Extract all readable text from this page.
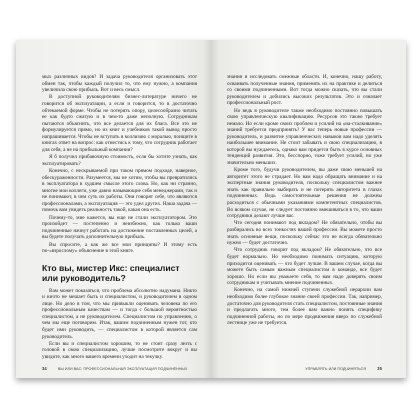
мых различных видов? И задача руководителя организовать этот обмен так, чтобы каждый получил то, что ему нужно, а компания увеличила свою прибыль. Вот и весь смысл.

В доступной руководителям бизнес-литературе ничего не говорится об эксплуатации, а если и говорится, то в достаточно обтекаемой форме. Чтобы не потерять опору, целесообразно читать ее как будто сжатую и в чем-то даже неполную. Сотрудникам пытаются объяснить, что все делается для их блага. Все это не формулируется прямо, но из книг и учебников такой вывод просто напрашивается. Чтобы не вступать в коллизию с моралью, поищите в книгах ответ на вопрос: как отнестись к тому, что сотрудник работает для себя, а не на прибыльный компании?

Я б получил прибавочную стоимость, если бы хотите узнать, как эксплуатировать?

Конечно, с нескрываемой при таком прямом подходе, наверное, обескураженности. Разумеется, мы не хотим, чтобы вы превратились в эксплуататора в худшем смысле этого слова. Но, как ни странно, многие мои коллеги, уже давно называющие себя менеджерами, так и не понимают, в чем суть их работы. Они говорят себе, что являются профессионалами, а эксплуатация — это удел других. Наша задача — помочь вам увидеть реальность такой, какая она есть.

Почему-то, мне кажется, вы еще не стали эксплуататором. Это произойдет — постепенно и неизбежно, как только ваши подчиненные начнут работать на достижение поставленных целей, а вы будете получать дополнительную прибыль.

Вы спросите, а как же все мои принципы? И этому есть по-«взрослому» объяснение в этой книге.

Кто вы, мистер Икс: специалист или руководитель?

Вам может показаться, что проблема абсолютно надумана. Никто и ничто не мешает быть и специалистом, и руководителем в одном лице. Но дело в том, что мы привыкли оценивать человека по его профессиональным качествам — и тогда с большой вероятностью специалистом, а не руководителем. Специалистом по управлению, о чем мы еще поговорим. Итак, вашим подчиненным нужен тот, кто будет ими руководить, — специалистом в которой является сам руководитель.

Если вы и специалистом хорошим, то не стоит сразу лезть с головой в свою специализацию, лучше посмотрите вокруг и вы увидите, как много вашего времени уходит на текучку.

34	ВЫ ИЛИ ВАС: ПРОФЕССИОНАЛЬНАЯ ЭКСПЛУАТАЦИЯ ПОДЧИНЕННЫХ

знания и исследовать смежные области. И, конечно, нашу работу, осваивать полученные знания, применять их на практике и делиться со своими подчиненными. Вот тогда можно сказать, что вы стали руководителем и добились высоких результатов. Это и означает профессиональный рост.

Но ведь в руководителе также необходимо постоянно повышать свою управленческую квалификацию. Ресурсов это также требует немало. Но если кроме своих проблем и усилий на «на-сталкивание» знаний требуется предпринять? У вас теперь новые профессии — руководитель, и развитие управленческих навыков вам надо уделять наибольшее внимание. Не стоит забывать и свою специализацию, в которой вы нуждаетесь, однако вам придется быть в курсе основных тенденций развития. Это, бесспорно, тоже требует усилий, но уже значительно меньших.

Кроме того, будучи руководителем, вы даже свою меньшей на авторитет этого не страдает. Но вам надо обращать внимание и на экспертные знания руководителя, поскольку специалистом важнее знать как правильно выбирать и не потерять авторитета в глазах подчиненных. Ведь самостоятельные решения не должны расходиться с обычными указаниями компетентных специалистов. Во всяком случае, не следует постоянно вмешиваться в то, что ваши сотрудники делают лучше вас.

Что сегодня понимают под вкладом? Не обязательно, чтобы вы разбирались во всех тонкостях вашей профессии. Вы можете просто знать основные вещи, поскольку сейчас это не всегда обязательно нужно — будет достаточно.

Что сотрудник говорит под вкладом? Не обязательно, что все будет нормально. Но необходимо понимать ситуацию, которую приходится оценивать — что будет лучше. В вашем случае, когда вы можете быть самым важным специалистом в команде, все будет хорошо. Но если вы уважаете себя, то вам надо доверять своим сотрудникам и учитывать мнение подчиненных.

Конечно, на самой нижней ступени служебной иерархии вам необходимо более глубокое знание своей профессии. Так, например, достаточно для руководителя стать специалистом, постоянные знания и предлагать много, тем более вам важно понять специфику подчиненной работы, но по мере продвижения вверх по служебной лестнице уже не требуется.

УПРАВЛЯТЬ ИЛИ ПОДЧИНЯТЬСЯ	35
